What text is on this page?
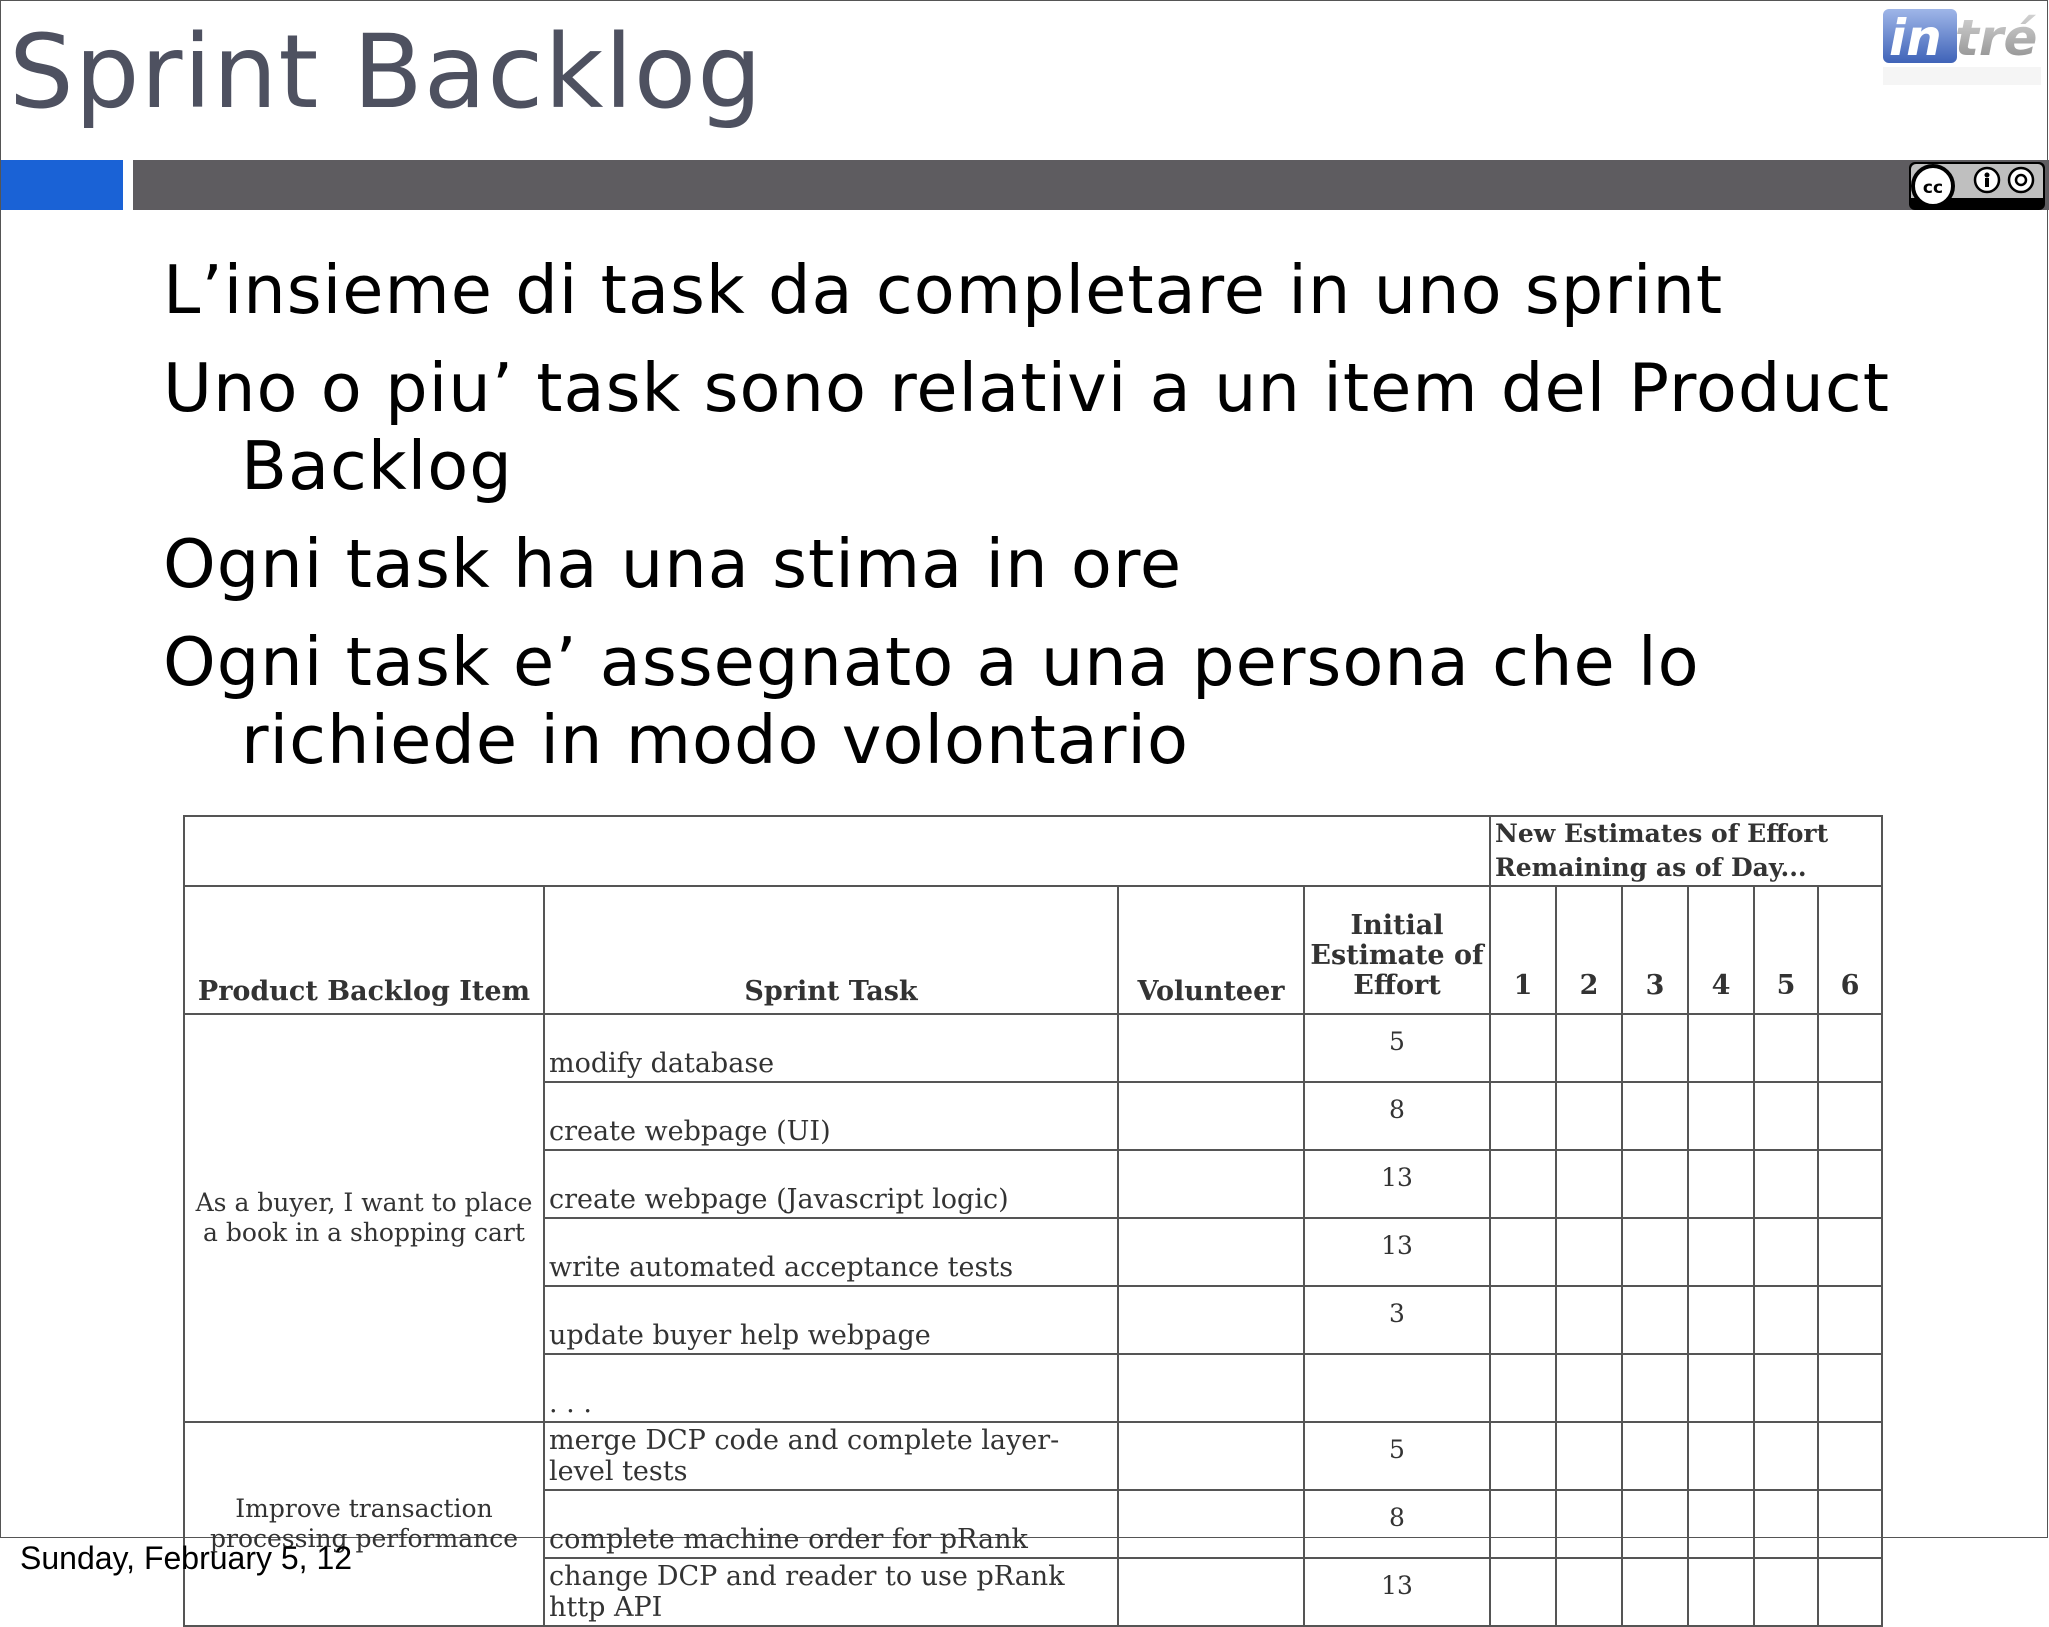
Sprint Backlog	in tré
cc
L’insieme di task da completare in uno sprint
Uno o piu’ task sono relativi a un item del Product Backlog
Ogni task ha una stima in ore
Ogni task e’ assegnato a una persona che lo richiede in modo volontario
				New Estimates of Effort Remaining as of Day...					
Product Backlog Item	Sprint Task	Volunteer	Initial Estimate of Effort	1	2	3	4	5	6
As a buyer, I want to place a book in a shopping cart	modify database		5						
	create webpage (UI)		8						
	create webpage (Javascript logic)		13						
	write automated acceptance tests		13						
	update buyer help webpage		3						
	. . .								
Improve transaction processing performance	merge DCP code and complete layer-level tests		5						
	complete machine order for pRank		8						
	change DCP and reader to use pRank http API		13						
Sunday, February 5, 12
